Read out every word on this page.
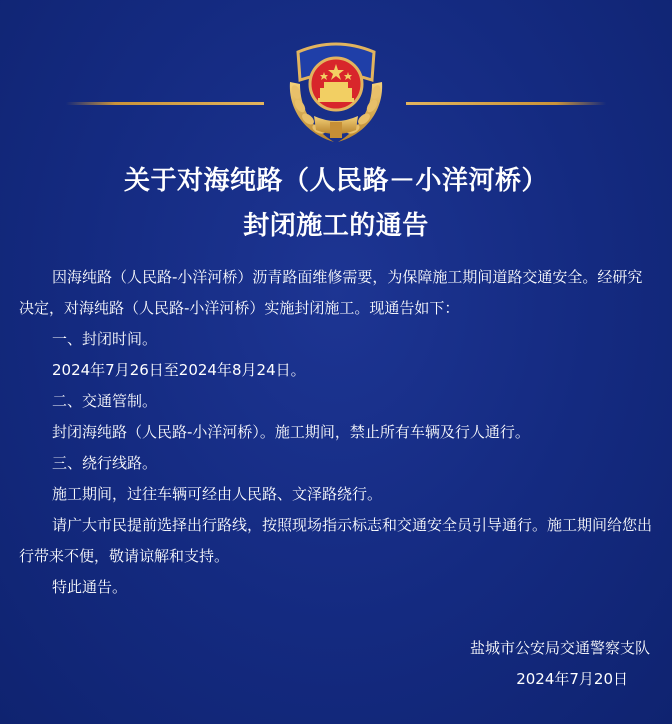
关于对海纯路（人民路－小洋河桥）
封闭施工的通告

因海纯路（人民路-小洋河桥）沥青路面维修需要，为保障施工期间道路交通安全。经研究决定，对海纯路（人民路-小洋河桥）实施封闭施工。现通告如下：

一、封闭时间。

2024年7月26日至2024年8月24日。

二、交通管制。

封闭海纯路（人民路-小洋河桥）。施工期间，禁止所有车辆及行人通行。

三、绕行线路。

施工期间，过往车辆可经由人民路、文泽路绕行。

请广大市民提前选择出行路线，按照现场指示标志和交通安全员引导通行。施工期间给您出行带来不便，敬请谅解和支持。

特此通告。

盐城市公安局交通警察支队
2024年7月20日
